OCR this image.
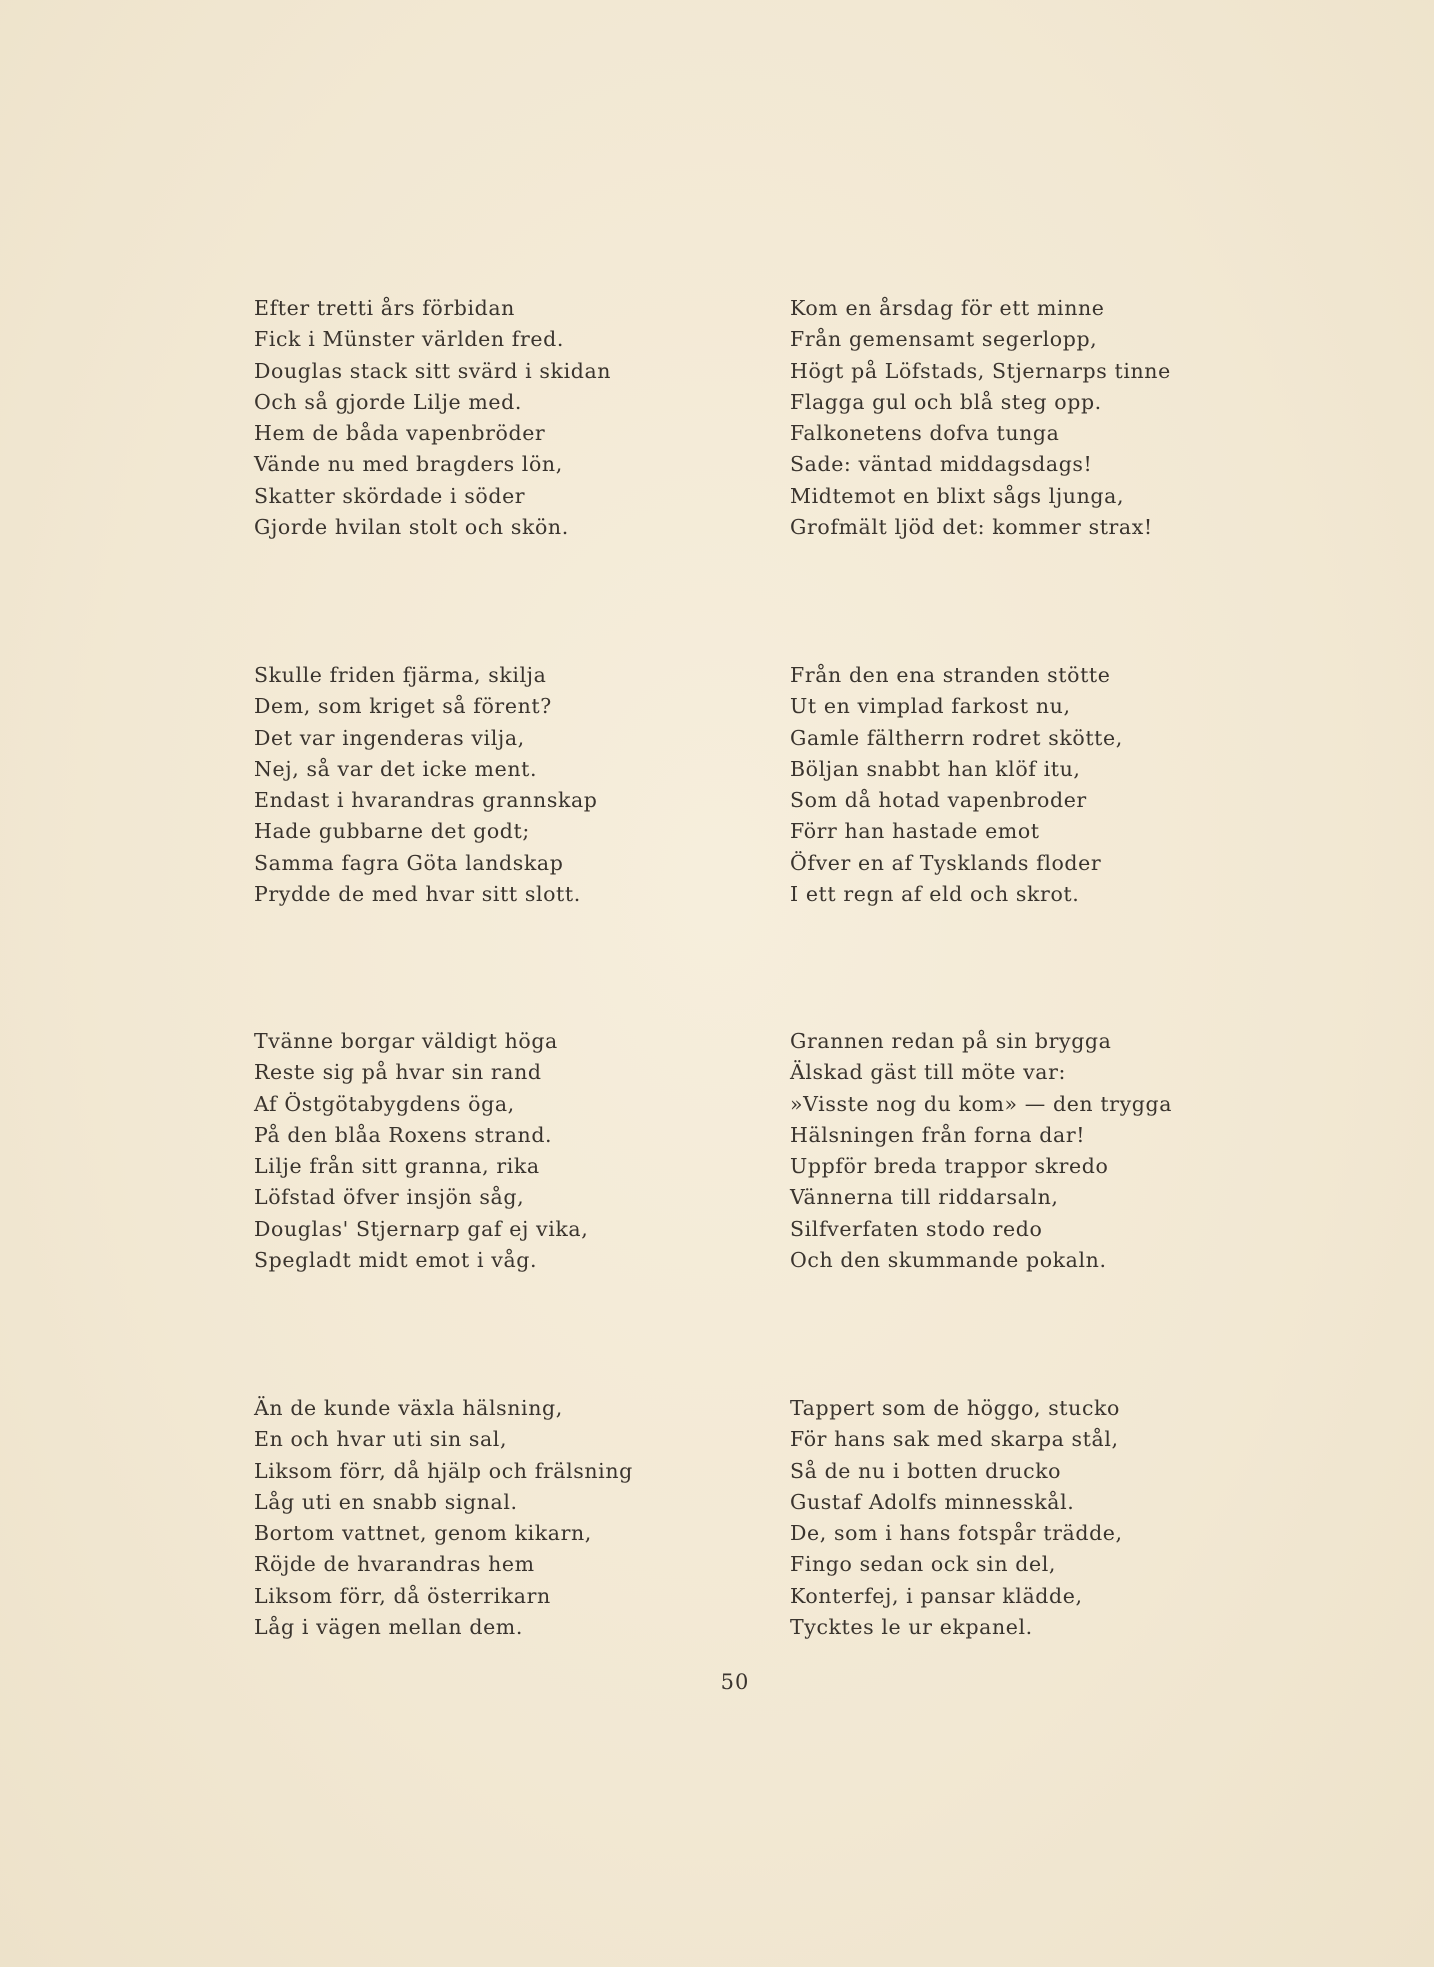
Efter tretti års förbidan
Fick i Münster världen fred.
Douglas stack sitt svärd i skidan
Och så gjorde Lilje med.
Hem de båda vapenbröder
Vände nu med bragders lön,
Skatter skördade i söder
Gjorde hvilan stolt och skön.
Kom en årsdag för ett minne
Från gemensamt segerlopp,
Högt på Löfstads, Stjernarps tinne
Flagga gul och blå steg opp.
Falkonetens dofva tunga
Sade: väntad middagsdags!
Midtemot en blixt sågs ljunga,
Grofmält ljöd det: kommer strax!
Skulle friden fjärma, skilja
Dem, som kriget så förent?
Det var ingenderas vilja,
Nej, så var det icke ment.
Endast i hvarandras grannskap
Hade gubbarne det godt;
Samma fagra Göta landskap
Prydde de med hvar sitt slott.
Från den ena stranden stötte
Ut en vimplad farkost nu,
Gamle fältherrn rodret skötte,
Böljan snabbt han klöf itu,
Som då hotad vapenbroder
Förr han hastade emot
Öfver en af Tysklands floder
I ett regn af eld och skrot.
Tvänne borgar väldigt höga
Reste sig på hvar sin rand
Af Östgötabygdens öga,
På den blåa Roxens strand.
Lilje från sitt granna, rika
Löfstad öfver insjön såg,
Douglas' Stjernarp gaf ej vika,
Spegladt midt emot i våg.
Grannen redan på sin brygga
Älskad gäst till möte var:
»Visste nog du kom» — den trygga
Hälsningen från forna dar!
Uppför breda trappor skredo
Vännerna till riddarsaln,
Silfverfaten stodo redo
Och den skummande pokaln.
Än de kunde växla hälsning,
En och hvar uti sin sal,
Liksom förr, då hjälp och frälsning
Låg uti en snabb signal.
Bortom vattnet, genom kikarn,
Röjde de hvarandras hem
Liksom förr, då österrikarn
Låg i vägen mellan dem.
Tappert som de höggo, stucko
För hans sak med skarpa stål,
Så de nu i botten drucko
Gustaf Adolfs minnesskål.
De, som i hans fotspår trädde,
Fingo sedan ock sin del,
Konterfej, i pansar klädde,
Tycktes le ur ekpanel.
50
